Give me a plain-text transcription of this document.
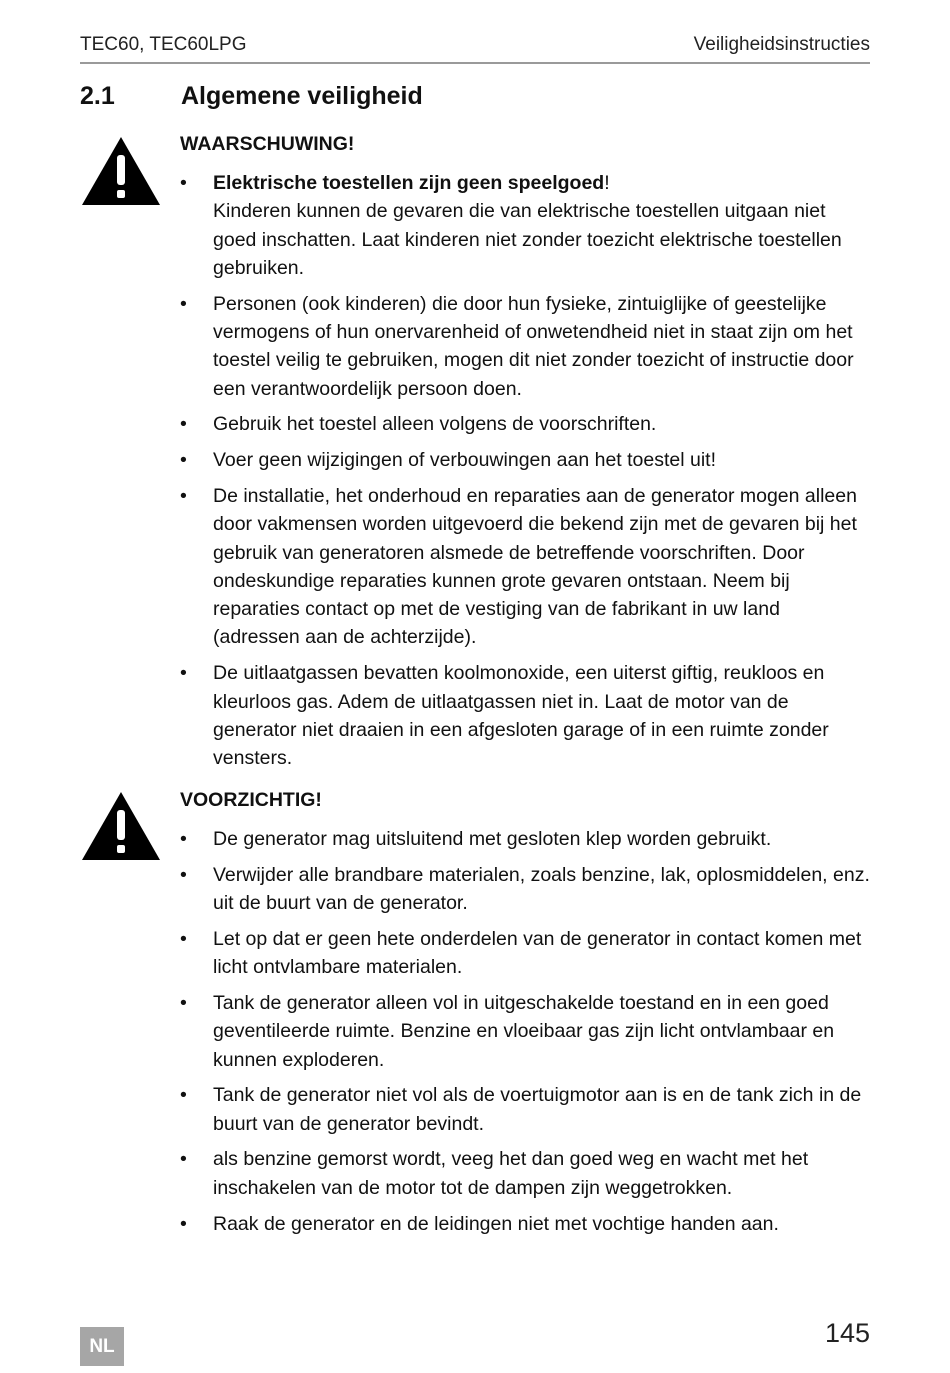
TEC60, TEC60LPG	Veiligheidsinstructies
2.1	Algemene veiligheid
WAARSCHUWING!
•	Elektrische toestellen zijn geen speelgoed!
Kinderen kunnen de gevaren die van elektrische toestellen uitgaan niet goed inschatten. Laat kinderen niet zonder toezicht elektrische toestellen gebruiken.
•	Personen (ook kinderen) die door hun fysieke, zintuiglijke of geestelijke vermogens of hun onervarenheid of onwetendheid niet in staat zijn om het toestel veilig te gebruiken, mogen dit niet zonder toezicht of instructie door een verantwoordelijk persoon doen.
•	Gebruik het toestel alleen volgens de voorschriften.
•	Voer geen wijzigingen of verbouwingen aan het toestel uit!
•	De installatie, het onderhoud en reparaties aan de generator mogen alleen door vakmensen worden uitgevoerd die bekend zijn met de gevaren bij het gebruik van generatoren alsmede de betreffende voorschriften. Door ondeskundige reparaties kunnen grote gevaren ontstaan. Neem bij reparaties contact op met de vestiging van de fabrikant in uw land (adressen aan de achterzijde).
•	De uitlaatgassen bevatten koolmonoxide, een uiterst giftig, reukloos en kleurloos gas. Adem de uitlaatgassen niet in. Laat de motor van de generator niet draaien in een afgesloten garage of in een ruimte zonder vensters.
VOORZICHTIG!
•	De generator mag uitsluitend met gesloten klep worden gebruikt.
•	Verwijder alle brandbare materialen, zoals benzine, lak, oplosmiddelen, enz. uit de buurt van de generator.
•	Let op dat er geen hete onderdelen van de generator in contact komen met licht ontvlambare materialen.
•	Tank de generator alleen vol in uitgeschakelde toestand en in een goed geventileerde ruimte. Benzine en vloeibaar gas zijn licht ontvlambaar en kunnen exploderen.
•	Tank de generator niet vol als de voertuigmotor aan is en de tank zich in de buurt van de generator bevindt.
•	als benzine gemorst wordt, veeg het dan goed weg en wacht met het inschakelen van de motor tot de dampen zijn weggetrokken.
•	Raak de generator en de leidingen niet met vochtige handen aan.
NL	145
